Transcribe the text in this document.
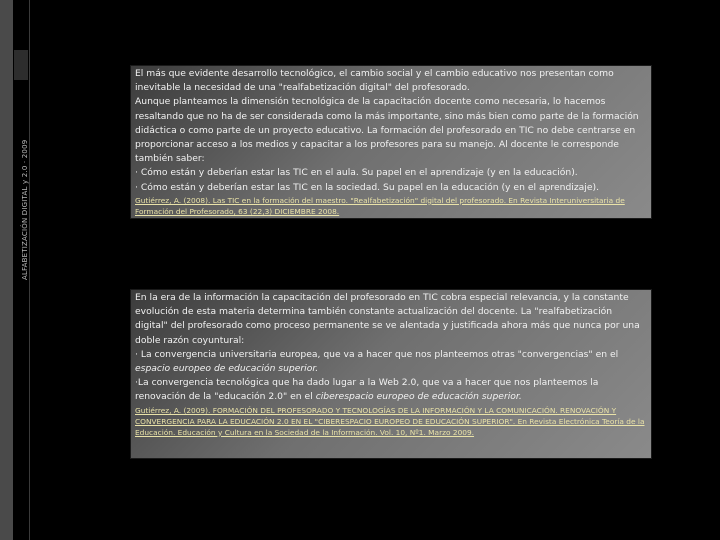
ALFABETIZACIÓN DIGITAL y 2.0 · 2009

El más que evidente desarrollo tecnológico, el cambio social y el cambio educativo nos presentan como inevitable la necesidad de una "realfabetización digital" del profesorado.

Aunque planteamos la dimensión tecnológica de la capacitación docente como necesaria, lo hacemos resaltando que no ha de ser considerada como la más importante, sino más bien como parte de la formación didáctica o como parte de un proyecto educativo. La formación del profesorado en TIC no debe centrarse en proporcionar acceso a los medios y capacitar a los profesores para su manejo. Al docente le corresponde también saber:

· Cómo están y deberían estar las TIC en el aula. Su papel en el aprendizaje (y en la educación).

· Cómo están y deberían estar las TIC en la sociedad. Su papel en la educación (y en el aprendizaje).

Gutiérrez, A. (2008). Las TIC en la formación del maestro. "Realfabetización" digital del profesorado. En Revista Interuniversitaria de Formación del Profesorado, 63 (22,3) DICIEMBRE 2008.

En la era de la información la capacitación del profesorado en TIC cobra especial relevancia, y la constante evolución de esta materia determina también constante actualización del docente. La "realfabetización digital" del profesorado como proceso permanente se ve alentada y justificada ahora más que nunca por una doble razón coyuntural:

· La convergencia universitaria europea, que va a hacer que nos planteemos otras "convergencias" en el espacio europeo de educación superior.

·La convergencia tecnológica que ha dado lugar a la Web 2.0, que va a hacer que nos planteemos la renovación de la "educación 2.0" en el ciberespacio europeo de educación superior.

Gutiérrez, A. (2009). FORMACIÓN DEL PROFESORADO Y TECNOLOGÍAS DE LA INFORMACIÓN Y LA COMUNICACIÓN. RENOVACIÓN Y CONVERGENCIA PARA LA EDUCACIÓN 2.0 EN EL "CIBERESPACIO EUROPEO DE EDUCACIÓN SUPERIOR". En Revista Electrónica Teoría de la Educación. Educación y Cultura en la Sociedad de la Información. Vol. 10, Nº1. Marzo 2009.
